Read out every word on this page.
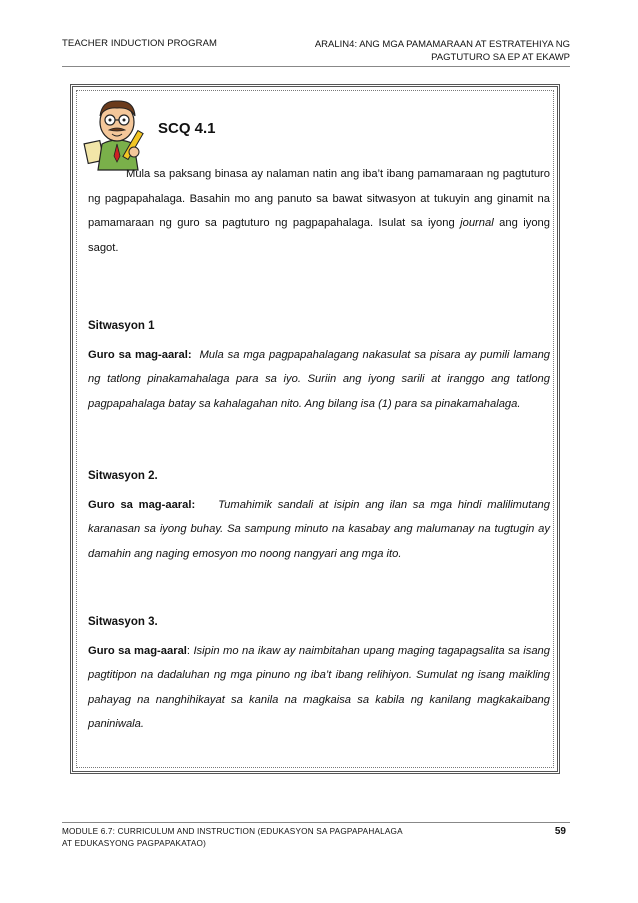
TEACHER INDUCTION PROGRAM	ARALIN4: ANG MGA PAMAMARAAN AT ESTRATEHIYA NG
PAGTUTURO SA EP AT EKAWP
SCQ 4.1

Mula sa paksang binasa ay nalaman natin ang iba’t ibang pamamaraan ng pagtuturo ng pagpapahalaga. Basahin mo ang panuto sa bawat sitwasyon at tukuyin ang ginamit na pamamaraan ng guro sa pagtuturo ng pagpapahalaga. Isulat sa iyong journal ang iyong sagot.

Sitwasyon 1

Guro sa mag-aaral: Mula sa mga pagpapahalagang nakasulat sa pisara ay pumili lamang ng tatlong pinakamahalaga para sa iyo. Suriin ang iyong sarili at iranggo ang tatlong pagpapahalaga batay sa kahalagahan nito. Ang bilang isa (1) para sa pinakamahalaga.

Sitwasyon 2.

Guro sa mag-aaral: Tumahimik sandali at isipin ang ilan sa mga hindi malilimutang karanasan sa iyong buhay. Sa sampung minuto na kasabay ang malumanay na tugtugin ay damahin ang naging emosyon mo noong nangyari ang mga ito.

Sitwasyon 3.

Guro sa mag-aaral: Isipin mo na ikaw ay naimbitahan upang maging tagapagsalita sa isang pagtitipon na dadaluhan ng mga pinuno ng iba’t ibang relihiyon. Sumulat ng isang maikling pahayag na nanghihikayat sa kanila na magkaisa sa kabila ng kanilang magkakaibang paniniwala.

MODULE 6.7: CURRICULUM AND INSTRUCTION (EDUKASYON SA PAGPAPAHALAGA
AT EDUKASYONG PAGPAPAKATAO)
59
